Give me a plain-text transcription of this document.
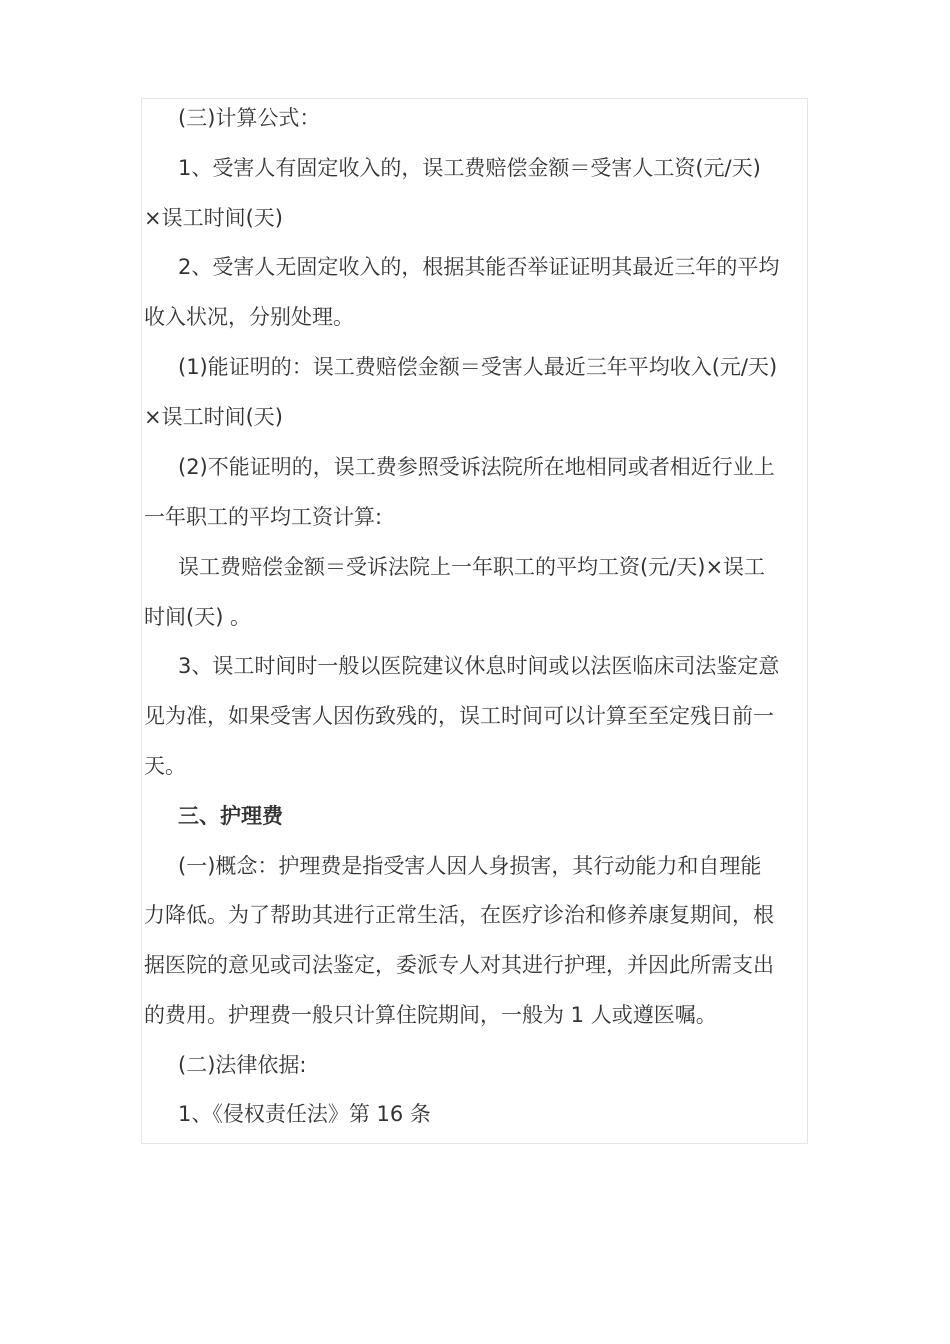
(三)计算公式：
1、受害人有固定收入的，误工费赔偿金额＝受害人工资(元/天)
×误工时间(天)
2、受害人无固定收入的，根据其能否举证证明其最近三年的平均
收入状况，分别处理。
(1)能证明的：误工费赔偿金额＝受害人最近三年平均收入(元/天)
×误工时间(天)
(2)不能证明的，误工费参照受诉法院所在地相同或者相近行业上
一年职工的平均工资计算:
误工费赔偿金额＝受诉法院上一年职工的平均工资(元/天)×误工
时间(天) 。
3、误工时间时一般以医院建议休息时间或以法医临床司法鉴定意
见为准，如果受害人因伤致残的，误工时间可以计算至至定残日前一
天。
三、护理费
(一)概念：护理费是指受害人因人身损害，其行动能力和自理能
力降低。为了帮助其进行正常生活，在医疗诊治和修养康复期间，根
据医院的意见或司法鉴定，委派专人对其进行护理，并因此所需支出
的费用。护理费一般只计算住院期间，一般为 1 人或遵医嘱。
(二)法律依据:
1、《侵权责任法》第 16 条
